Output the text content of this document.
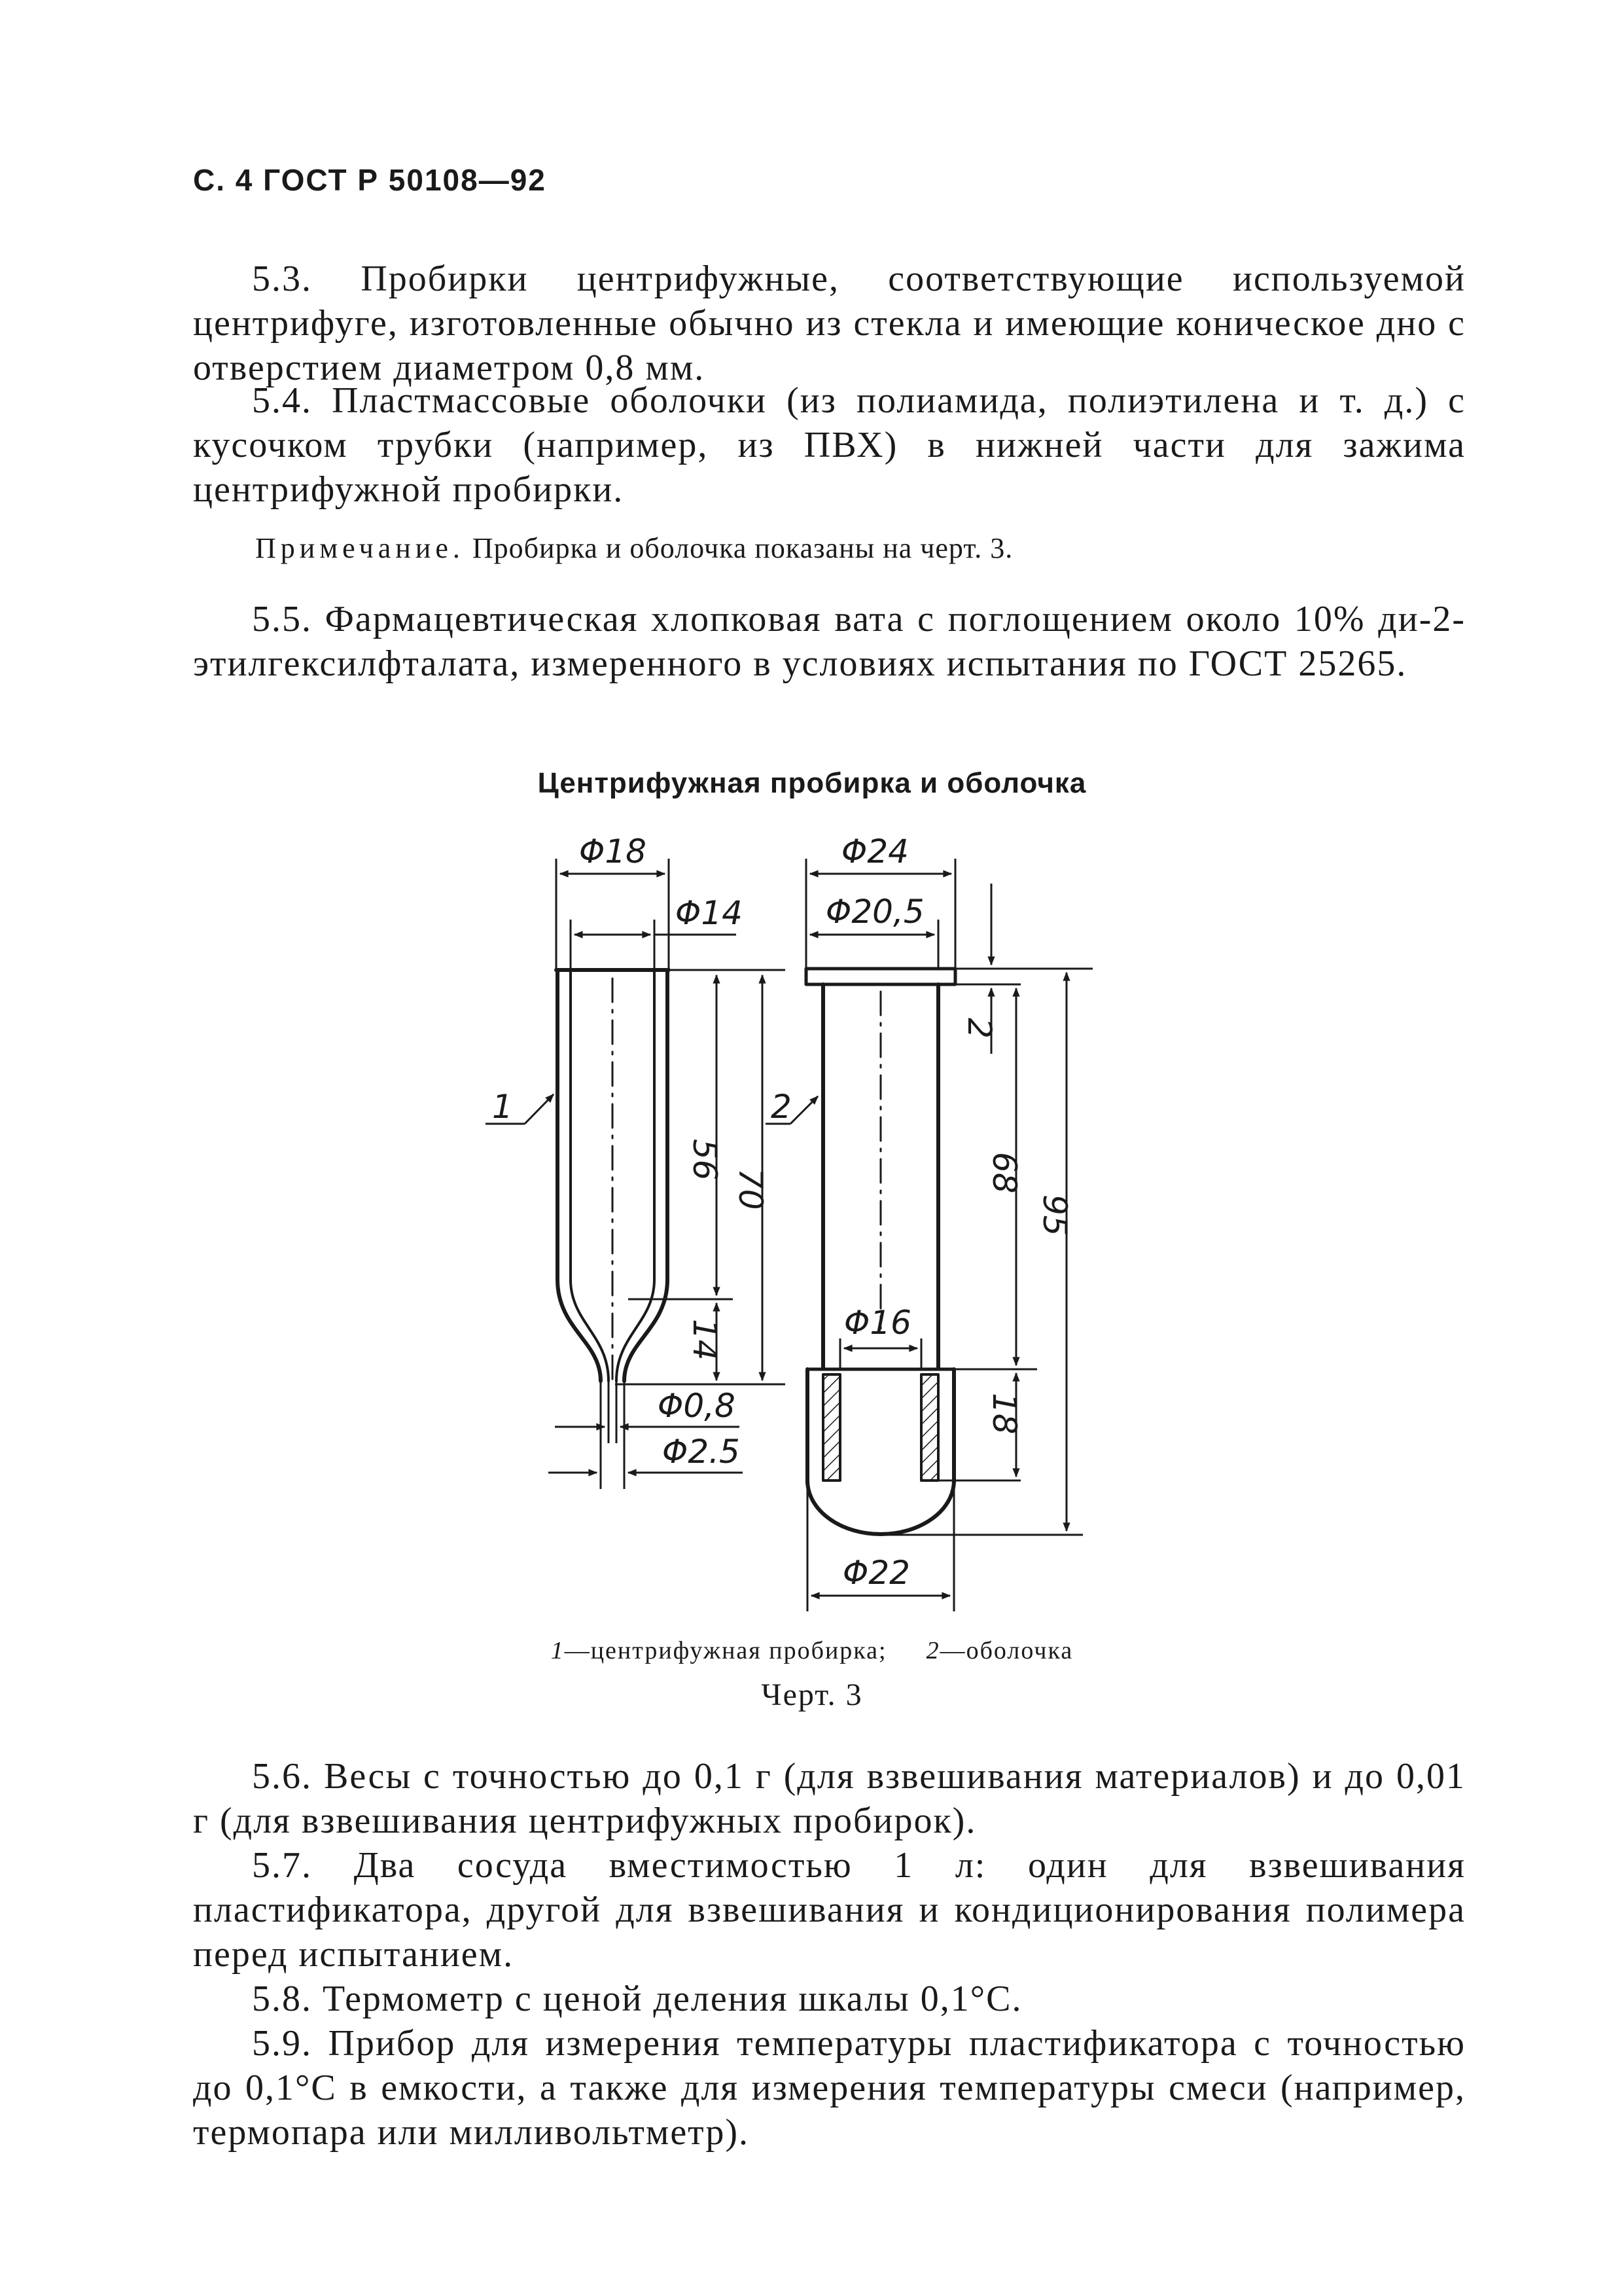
С. 4 ГОСТ Р 50108—92

5.3. Пробирки центрифужные, соответствующие используемой центрифуге, изготовленные обычно из стекла и имеющие коническое дно с отверстием диаметром 0,8 мм.

5.4. Пластмассовые оболочки (из полиамида, полиэтилена и т. д.) с кусочком трубки (например, из ПВХ) в нижней части для зажима центрифужной пробирки.

Примечание. Пробирка и оболочка показаны на черт. 3.

5.5. Фармацевтическая хлопковая вата с поглощением около 10% ди-2-этилгексилфталата, измеренного в условиях испытания по ГОСТ 25265.

Центрифужная пробирка и оболочка
Φ18
Φ14
56
70
14
Φ0,8
Φ2.5
1
Φ24
Φ20,5
2
68
95
18
Φ16
Φ22
2
1—центрифужная пробирка; 2—оболочка
Черт. 3

5.6. Весы с точностью до 0,1 г (для взвешивания материалов) и до 0,01 г (для взвешивания центрифужных пробирок).

5.7. Два сосуда вместимостью 1 л: один для взвешивания пластификатора, другой для взвешивания и кондиционирования полимера перед испытанием.

5.8. Термометр с ценой деления шкалы 0,1°С.

5.9. Прибор для измерения температуры пластификатора с точностью до 0,1°С в емкости, а также для измерения температуры смеси (например, термопара или милливольтметр).
